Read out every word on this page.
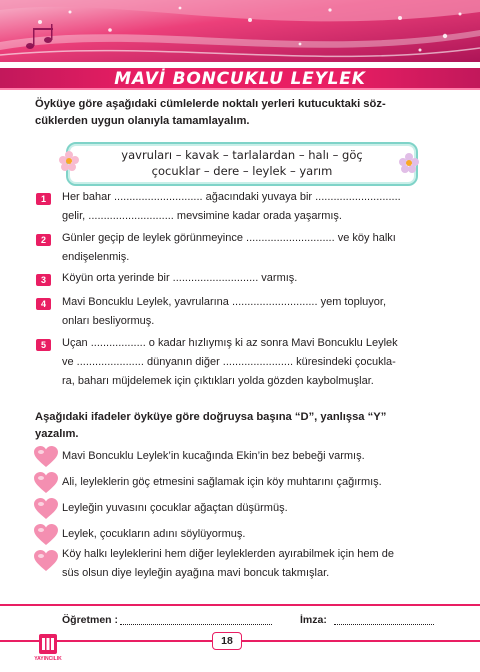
MAVİ BONCUKLU LEYLEK
Öyküye göre aşağıdaki cümlelerde noktalı yerleri kutucuktaki söz-
cüklerden uygun olanıyla tamamlayalım.
yavruları – kavak – tarlalardan – halı – göç
çocuklar – dere – leylek – yarım
1	Her bahar ............................. ağacındaki yuvaya bir ............................
gelir, ............................ mevsimine kadar orada yaşarmış.
2	Günler geçip de leylek görünmeyince ............................. ve köy halkı
endişelenmiş.
3	Köyün orta yerinde bir ............................ varmış.
4	Mavi Boncuklu Leylek, yavrularına ............................ yem topluyor,
onları besliyormuş.
5	Uçan .................. o kadar hızlıymış ki az sonra Mavi Boncuklu Leylek
ve ...................... dünyanın diğer ....................... küresindeki çocukla-
ra, baharı müjdelemek için çıktıkları yolda gözden kaybolmuşlar.
Aşağıdaki ifadeler öyküye göre doğruysa başına “D”, yanlışsa “Y”
yazalım.
Mavi Boncuklu Leylek’in kucağında Ekin’in bez bebeği varmış.
Ali, leyleklerin göç etmesini sağlamak için köy muhtarını çağırmış.
Leyleğin yuvasını çocuklar ağaçtan düşürmüş.
Leylek, çocukların adını söylüyormuş.
Köy halkı leyleklerini hem diğer leyleklerden ayırabilmek için hem de
süs olsun diye leyleğin ayağına mavi boncuk takmışlar.
Öğretmen :	İmza:
YAYINCILIK
18
